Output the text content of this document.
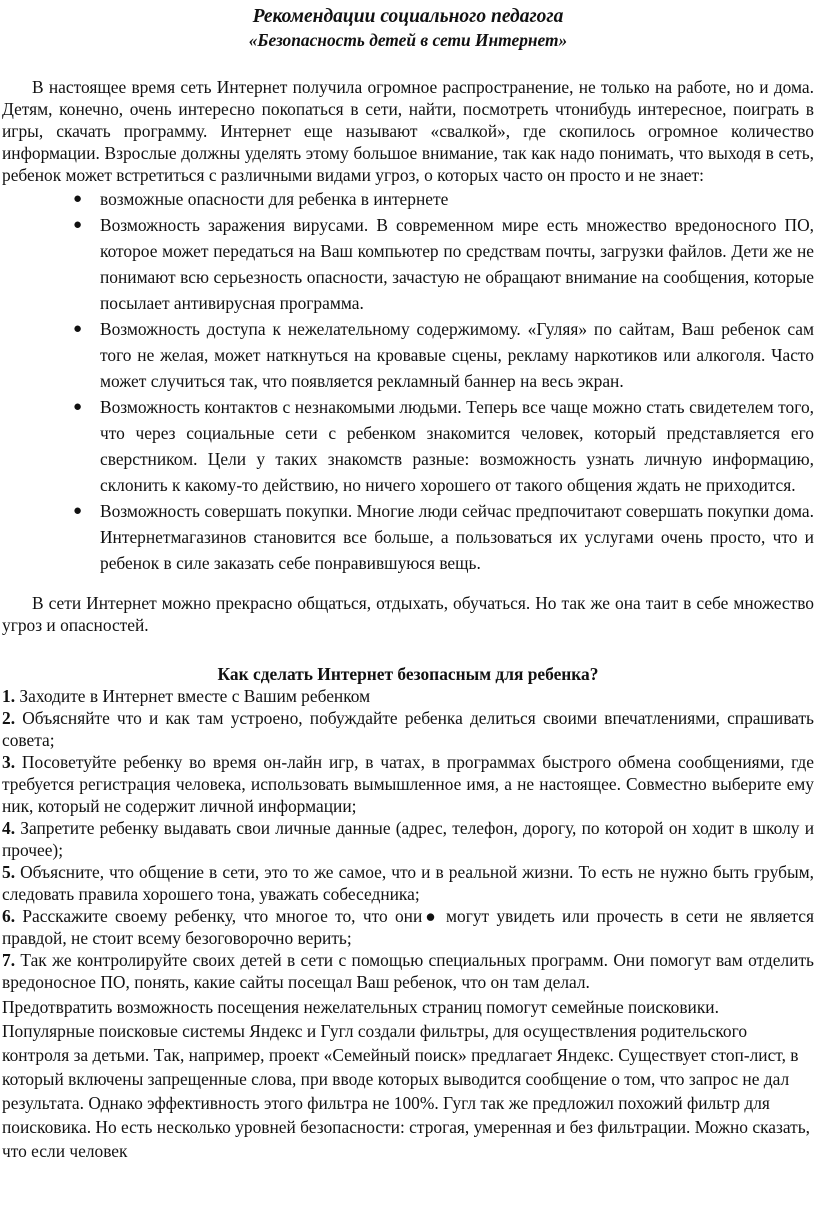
Рекомендации социального педагога
«Безопасность детей в сети Интернет»

В настоящее время сеть Интернет получила огромное распространение, не только на работе, но и дома. Детям, конечно, очень интересно покопаться в сети, найти, посмотреть чтонибудь интересное, поиграть в игры, скачать программу. Интернет еще называют «свалкой», где скопилось огромное количество информации. Взрослые должны уделять этому большое внимание, так как надо понимать, что выходя в сеть, ребенок может встретиться с различными видами угроз, о которых часто он просто и не знает:

● возможные опасности для ребенка в интернете
● Возможность заражения вирусами. В современном мире есть множество вредоносного ПО, которое может передаться на Ваш компьютер по средствам почты, загрузки файлов. Дети же не понимают всю серьезность опасности, зачастую не обращают внимание на сообщения, которые посылает антивирусная программа.
● Возможность доступа к нежелательному содержимому. «Гуляя» по сайтам, Ваш ребенок сам того не желая, может наткнуться на кровавые сцены, рекламу наркотиков или алкоголя. Часто может случиться так, что появляется рекламный баннер на весь экран.
● Возможность контактов с незнакомыми людьми. Теперь все чаще можно стать свидетелем того, что через социальные сети с ребенком знакомится человек, который представляется его сверстником. Цели у таких знакомств разные: возможность узнать личную информацию, склонить к какому-то действию, но ничего хорошего от такого общения ждать не приходится.
● Возможность совершать покупки. Многие люди сейчас предпочитают совершать покупки дома. Интернетмагазинов становится все больше, а пользоваться их услугами очень просто, что и ребенок в силе заказать себе понравившуюся вещь.

В сети Интернет можно прекрасно общаться, отдыхать, обучаться. Но так же она таит в себе множество угроз и опасностей.

Как сделать Интернет безопасным для ребенка?

1. Заходите в Интернет вместе с Вашим ребенком

2. Объясняйте что и как там устроено, побуждайте ребенка делиться своими впечатлениями, спрашивать совета;

3. Посоветуйте ребенку во время он-лайн игр, в чатах, в программах быстрого обмена сообщениями, где требуется регистрация человека, использовать вымышленное имя, а не настоящее. Совместно выберите ему ник, который не содержит личной информации;

4. Запретите ребенку выдавать свои личные данные (адрес, телефон, дорогу, по которой он ходит в школу и прочее);

5. Объясните, что общение в сети, это то же самое, что и в реальной жизни. То есть не нужно быть грубым, следовать правила хорошего тона, уважать собеседника;

6. Расскажите своему ребенку, что многое то, что они● могут увидеть или прочесть в сети не является правдой, не стоит всему безоговорочно верить;

7. Так же контролируйте своих детей в сети с помощью специальных программ. Они помогут вам отделить вредоносное ПО, понять, какие сайты посещал Ваш ребенок, что он там делал.

Предотвратить возможность посещения нежелательных страниц помогут семейные поисковики. Популярные поисковые системы Яндекс и Гугл создали фильтры, для осуществления родительского контроля за детьми. Так, например, проект «Семейный поиск» предлагает Яндекс. Существует стоп-лист, в который включены запрещенные слова, при вводе которых выводится сообщение о том, что запрос не дал результата. Однако эффективность этого фильтра не 100%. Гугл так же предложил похожий фильтр для поисковика. Но есть несколько уровней безопасности: строгая, умеренная и без фильтрации. Можно сказать, что если человек
